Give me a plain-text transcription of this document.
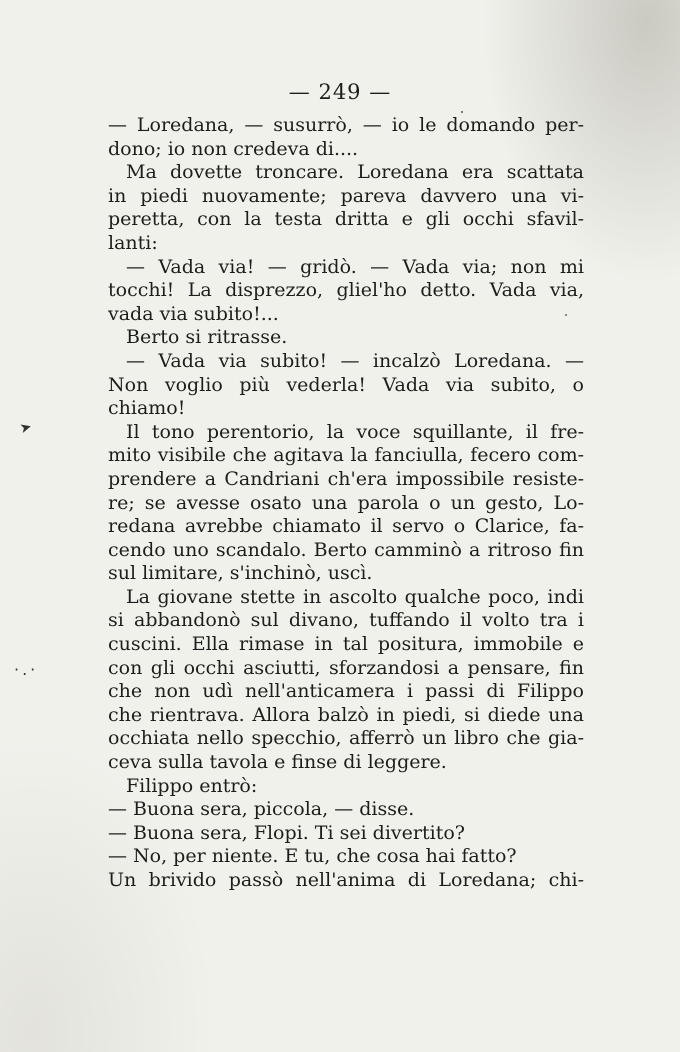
— 249 —
➤
·.·
— Loredana, — susurrò, — io le domando per-
dono; io non credeva di....
Ma dovette troncare. Loredana era scattata
in piedi nuovamente; pareva davvero una vi-
peretta, con la testa dritta e gli occhi sfavil-
lanti:
— Vada via! — gridò. — Vada via; non mi
tocchi! La disprezzo, gliel'ho detto. Vada via,
vada via subito!...
Berto si ritrasse.
— Vada via subito! — incalzò Loredana. —
Non voglio più vederla! Vada via subito, o
chiamo!
Il tono perentorio, la voce squillante, il fre-
mito visibile che agitava la fanciulla, fecero com-
prendere a Candriani ch'era impossibile resiste-
re; se avesse osato una parola o un gesto, Lo-
redana avrebbe chiamato il servo o Clarice, fa-
cendo uno scandalo. Berto camminò a ritroso fin
sul limitare, s'inchinò, uscì.
La giovane stette in ascolto qualche poco, indi
si abbandonò sul divano, tuffando il volto tra i
cuscini. Ella rimase in tal positura, immobile e
con gli occhi asciutti, sforzandosi a pensare, fin
che non udì nell'anticamera i passi di Filippo
che rientrava. Allora balzò in piedi, si diede una
occhiata nello specchio, afferrò un libro che gia-
ceva sulla tavola e finse di leggere.
Filippo entrò:
— Buona sera, piccola, — disse.
— Buona sera, Flopi. Ti sei divertito?
— No, per niente. E tu, che cosa hai fatto?
Un brivido passò nell'anima di Loredana; chi-
